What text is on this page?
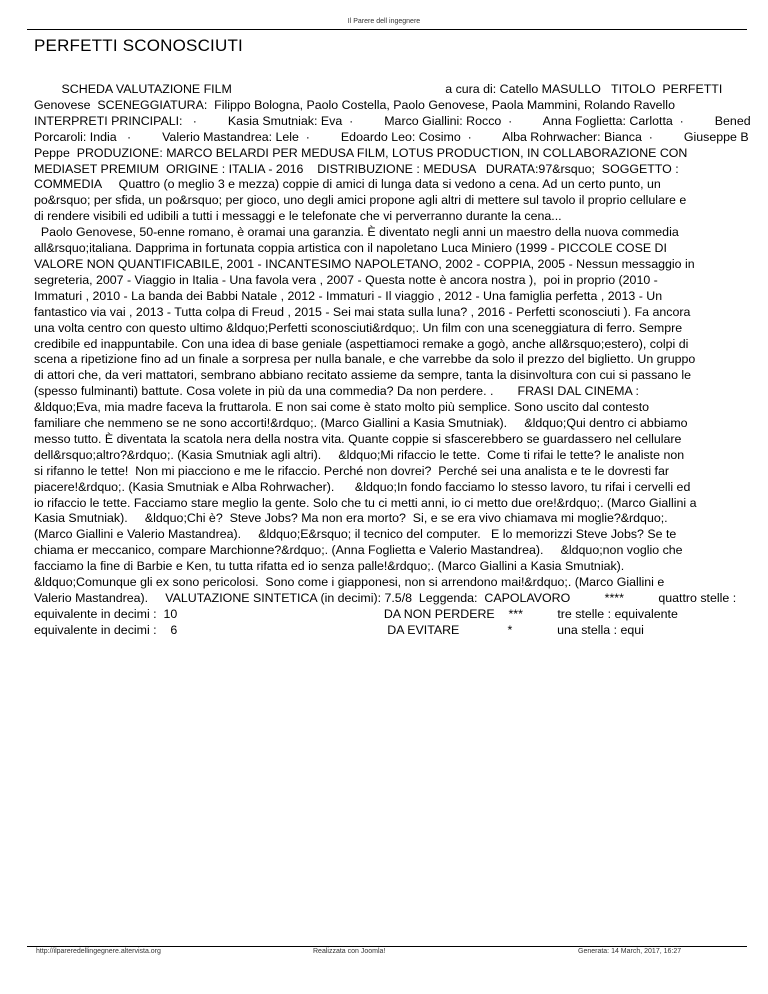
Il Parere dell ingegnere
PERFETTI SCONOSCIUTI
SCHEDA VALUTAZIONE FILM                                                              a cura di: Catello MASULLO   TITOLO  PERFETTI
Genovese  SCENEGGIATURA:  Filippo Bologna, Paolo Costella, Paolo Genovese, Paola Mammini, Rolando Ravello
INTERPRETI PRINCIPALI:   ·         Kasia Smutniak: Eva  ·         Marco Giallini: Rocco  ·         Anna Foglietta: Carlotta  ·         Bened
Porcaroli: India   ·         Valerio Mastandrea: Lele  ·         Edoardo Leo: Cosimo  ·         Alba Rohrwacher: Bianca  ·         Giuseppe B
Peppe  PRODUZIONE: MARCO BELARDI PER MEDUSA FILM, LOTUS PRODUCTION, IN COLLABORAZIONE CON
MEDIASET PREMIUM  ORIGINE : ITALIA - 2016    DISTRIBUZIONE : MEDUSA   DURATA:97&rsquo;  SOGGETTO :
COMMEDIA     Quattro (o meglio 3 e mezza) coppie di amici di lunga data si vedono a cena. Ad un certo punto, un
po&rsquo; per sfida, un po&rsquo; per gioco, uno degli amici propone agli altri di mettere sul tavolo il proprio cellulare e
di rendere visibili ed udibili a tutti i messaggi e le telefonate che vi perverranno durante la cena...
Paolo Genovese, 50-enne romano, è oramai una garanzia. È diventato negli anni un maestro della nuova commedia
all&rsquo;italiana. Dapprima in fortunata coppia artistica con il napoletano Luca Miniero (1999 - PICCOLE COSE DI
VALORE NON QUANTIFICABILE, 2001 - INCANTESIMO NAPOLETANO, 2002 - COPPIA, 2005 - Nessun messaggio in
segreteria, 2007 - Viaggio in Italia - Una favola vera , 2007 - Questa notte è ancora nostra ),  poi in proprio (2010 -
Immaturi , 2010 - La banda dei Babbi Natale , 2012 - Immaturi - Il viaggio , 2012 - Una famiglia perfetta , 2013 - Un
fantastico via vai , 2013 - Tutta colpa di Freud , 2015 - Sei mai stata sulla luna? , 2016 - Perfetti sconosciuti ). Fa ancora
una volta centro con questo ultimo &ldquo;Perfetti sconosciuti&rdquo;. Un film con una sceneggiatura di ferro. Sempre
credibile ed inappuntabile. Con una idea di base geniale (aspettiamoci remake a gogò, anche all&rsquo;estero), colpi di
scena a ripetizione fino ad un finale a sorpresa per nulla banale, e che varrebbe da solo il prezzo del biglietto. Un gruppo
di attori che, da veri mattatori, sembrano abbiano recitato assieme da sempre, tanta la disinvoltura con cui si passano le
(spesso fulminanti) battute. Cosa volete in più da una commedia? Da non perdere. .       FRASI DAL CINEMA :
&ldquo;Eva, mia madre faceva la fruttarola. E non sai come è stato molto più semplice. Sono uscito dal contesto
familiare che nemmeno se ne sono accorti!&rdquo;. (Marco Giallini a Kasia Smutniak).     &ldquo;Qui dentro ci abbiamo
messo tutto. È diventata la scatola nera della nostra vita. Quante coppie si sfascerebbero se guardassero nel cellulare
dell&rsquo;altro?&rdquo;. (Kasia Smutniak agli altri).     &ldquo;Mi rifaccio le tette.  Come ti rifai le tette? le analiste non
si rifanno le tette!  Non mi piacciono e me le rifaccio. Perché non dovrei?  Perché sei una analista e te le dovresti far
piacere!&rdquo;. (Kasia Smutniak e Alba Rohrwacher).      &ldquo;In fondo facciamo lo stesso lavoro, tu rifai i cervelli ed
io rifaccio le tette. Facciamo stare meglio la gente. Solo che tu ci metti anni, io ci metto due ore!&rdquo;. (Marco Giallini a
Kasia Smutniak).     &ldquo;Chi è?  Steve Jobs? Ma non era morto?  Si, e se era vivo chiamava mi moglie?&rdquo;.
(Marco Giallini e Valerio Mastandrea).     &ldquo;E&rsquo; il tecnico del computer.   E lo memorizzi Steve Jobs? Se te
chiama er meccanico, compare Marchionne?&rdquo;. (Anna Foglietta e Valerio Mastandrea).     &ldquo;non voglio che
facciamo la fine di Barbie e Ken, tu tutta rifatta ed io senza palle!&rdquo;. (Marco Giallini a Kasia Smutniak).
&ldquo;Comunque gli ex sono pericolosi.  Sono come i giapponesi, non si arrendono mai!&rdquo;. (Marco Giallini e
Valerio Mastandrea).     VALUTAZIONE SINTETICA (in decimi): 7.5/8  Leggenda:  CAPOLAVORO          ****          quattro stelle :
equivalente in decimi :  10                                                            DA NON PERDERE    ***          tre stelle : equivalente
equivalente in decimi :    6                                                             DA EVITARE              *             una stella : equi
http://ilpareredellingegnere.altervista.org	Realizzata con Joomla!	Generata: 14 March, 2017, 16:27
